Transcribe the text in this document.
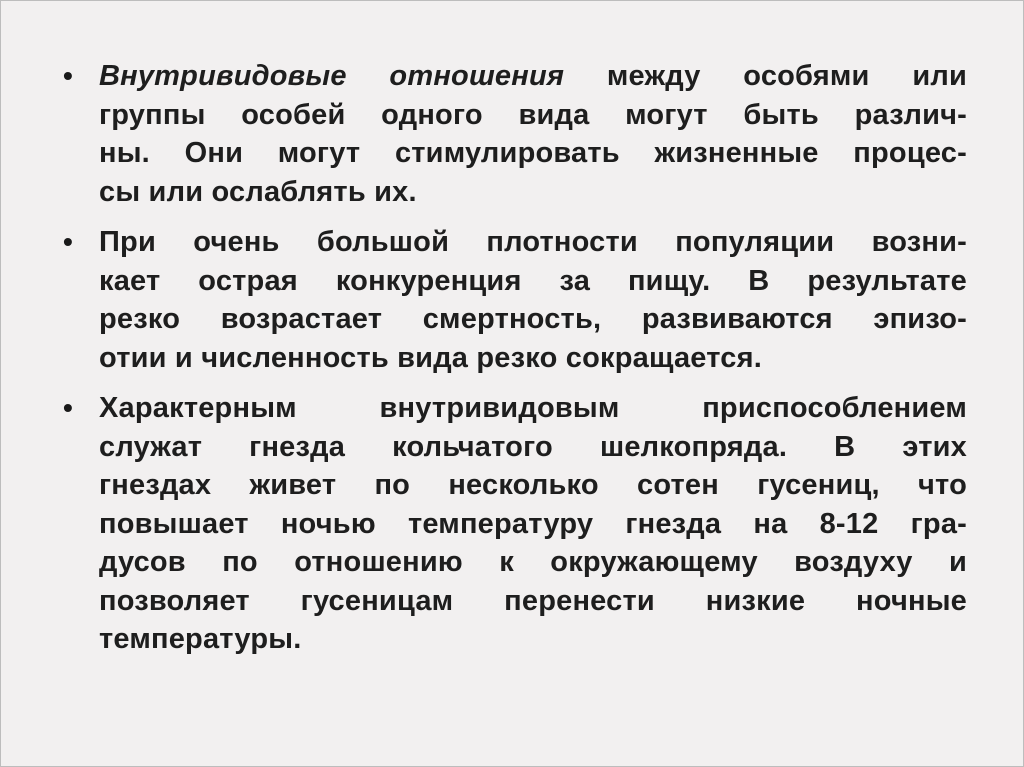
• Внутривидовые отношения между особями или
группы особей одного вида могут быть различ-
ны. Они могут стимулировать жизненные процес-
сы или ослаблять их.
• При очень большой плотности популяции возни-
кает острая конкуренция за пищу. В результате
резко возрастает смертность, развиваются эпизо-
отии и численность вида резко сокращается.
• Характерным внутривидовым приспособлением
служат гнезда кольчатого шелкопряда. В этих
гнездах живет по несколько сотен гусениц, что
повышает ночью температуру гнезда на 8-12 гра-
дусов по отношению к окружающему воздуху и
позволяет гусеницам перенести низкие ночные
температуры.
